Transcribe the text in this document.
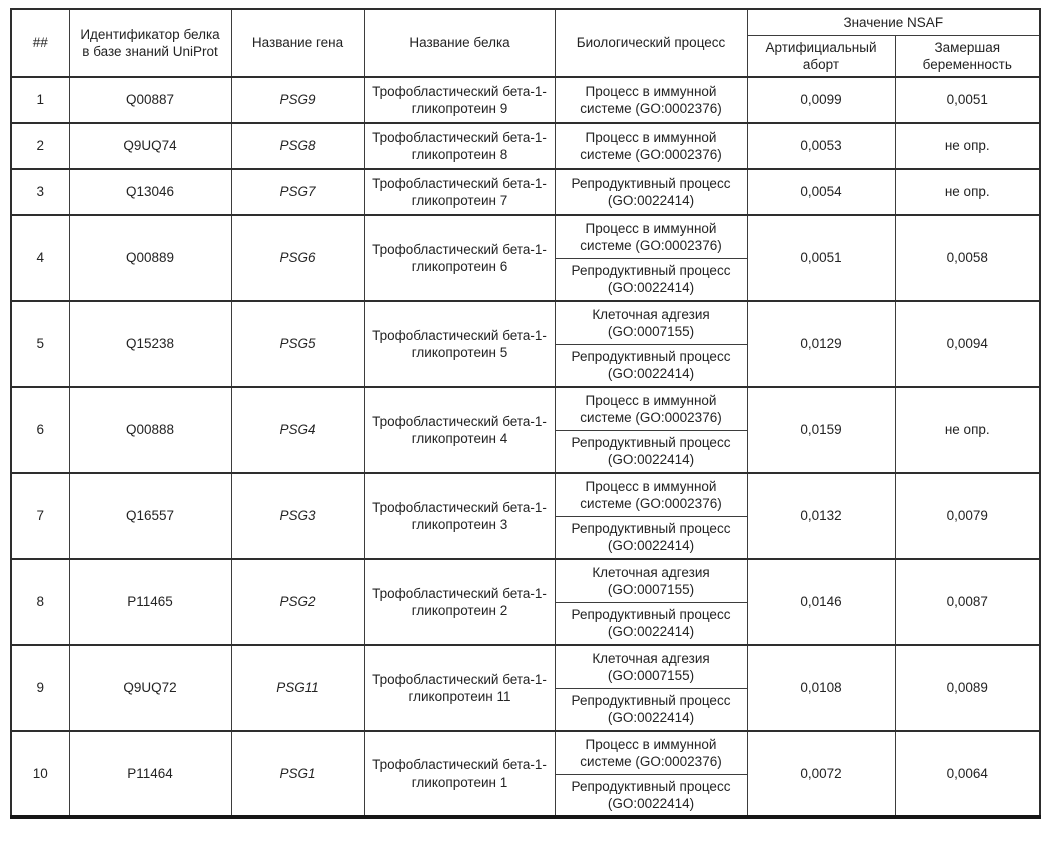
##	Идентификатор белка в базе знаний UniProt	Название гена	Название белка	Биологический процесс	Значение NSAF	
					Артифициальный аборт	Замершая беременность
1	Q00887	PSG9	Трофобластический бета-1-гликопротеин 9	Процесс в иммунной системе (GO:0002376)	0,0099	0,0051
2	Q9UQ74	PSG8	Трофобластический бета-1-гликопротеин 8	Процесс в иммунной системе (GO:0002376)	0,0053	не опр.
3	Q13046	PSG7	Трофобластический бета-1-гликопротеин 7	Репродуктивный процесс (GO:0022414)	0,0054	не опр.
4	Q00889	PSG6	Трофобластический бета-1-гликопротеин 6	Процесс в иммунной системе (GO:0002376)	0,0051	0,0058
				Репродуктивный процесс (GO:0022414)		
5	Q15238	PSG5	Трофобластический бета-1-гликопротеин 5	Клеточная адгезия (GO:0007155)	0,0129	0,0094
				Репродуктивный процесс (GO:0022414)		
6	Q00888	PSG4	Трофобластический бета-1-гликопротеин 4	Процесс в иммунной системе (GO:0002376)	0,0159	не опр.
				Репродуктивный процесс (GO:0022414)		
7	Q16557	PSG3	Трофобластический бета-1-гликопротеин 3	Процесс в иммунной системе (GO:0002376)	0,0132	0,0079
				Репродуктивный процесс (GO:0022414)		
8	P11465	PSG2	Трофобластический бета-1-гликопротеин 2	Клеточная адгезия (GO:0007155)	0,0146	0,0087
				Репродуктивный процесс (GO:0022414)		
9	Q9UQ72	PSG11	Трофобластический бета-1-гликопротеин 11	Клеточная адгезия (GO:0007155)	0,0108	0,0089
				Репродуктивный процесс (GO:0022414)		
10	P11464	PSG1	Трофобластический бета-1-гликопротеин 1	Процесс в иммунной системе (GO:0002376)	0,0072	0,0064
				Репродуктивный процесс (GO:0022414)		
